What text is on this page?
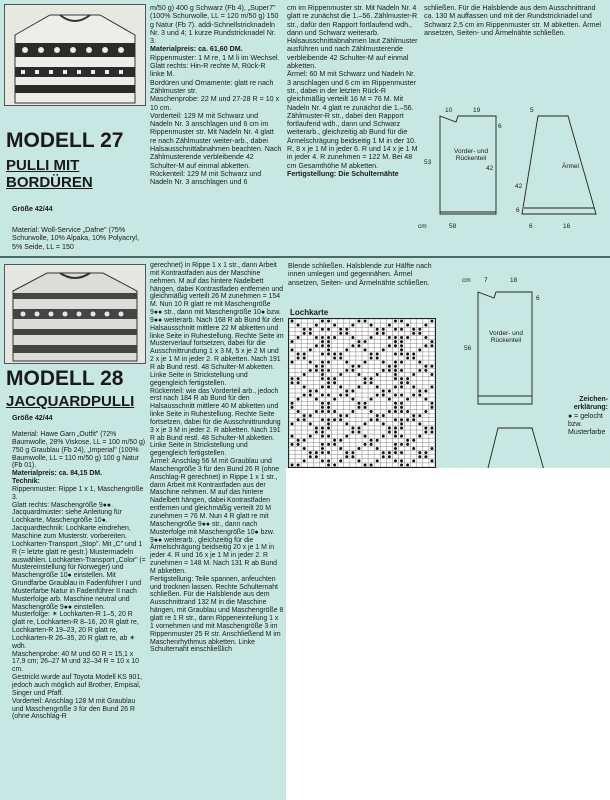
MODELL 27
PULLI MIT
BORDÜREN
Größe 42/44
Material: Woll-Service „Dafne" (75% Schurwolle, 10% Alpaka, 10% Polyacryl, 5% Seide, LL = 150

m/50 g) 400 g Schwarz (Fb 4), „Super7" (100% Schurwolle, LL = 120 m/50 g) 150 g Natur (Fb 7). addi-Schnellstricknadeln Nr. 3 und 4; 1 kurze Rundstricknadel Nr. 3.

Materialpreis: ca. 61,60 DM.

Rippenmuster: 1 M re, 1 M li im Wechsel.

Glatt rechts: Hin-R rechte M, Rück-R linke M.

Bordüren und Ornamente: glatt re nach Zählmuster str.

Maschenprobe: 22 M und 27-28 R = 10 x 10 cm.

Vorderteil: 129 M mit Schwarz und Nadeln Nr. 3 anschlagen und 6 cm im Rippenmuster str. Mit Nadeln Nr. 4 glatt re nach Zählmuster weiter-arb., dabei Halsausschnittabnahmen beachten. Nach Zählmusterende verbleibende 42 Schulter-M auf einmal abketten.

Rückenteil: 129 M mit Schwarz und Nadeln Nr. 3 anschlagen und 6

cm im Rippenmuster str. Mit Nadeln Nr. 4 glatt re zunächst die 1.–56. Zählmuster-R str., dafür den Rapport fortlaufend wdh., dann und Schwarz weiterarb. Halsausschnittabnahmen laut Zählmuster ausführen und nach Zählmusterende verbleibende 42 Schulter-M auf einmal abketten.

Ärmel: 60 M mit Schwarz und Nadeln Nr. 3 anschlagen und 6 cm im Rippenmuster str., dabei in der letzten Rück-R gleichmäßig verteilt 16 M = 76 M. Mit Nadeln Nr. 4 glatt re zunächst die 1.–56. Zählmuster-R str., dabei den Rapport fortlaufend wdh., dann und Schwarz weiterarb., gleichzeitig ab Bund für die Ärmelschrägung beidseitig 1 M in der 10. R, 8 x je 1 M in jeder 6. R und 14 x je 1 M in jeder 4. R zunehmen = 122 M. Bei 48 cm Gesamthöhe M abketten.

Fertigstellung: Die Schulternähte

schließen. Für die Halsblende aus dem Ausschnittrand ca. 130 M auffassen und mit der Rundstricknadel und Schwarz 2,5 cm im Rippenmuster str. M abketten. Ärmel ansetzen, Seiten- und Ärmelnähte schließen.

10	19
53
6
42
58
cm	6	16
5
42
6
Ärmel
Vorder- und Rückenteil
MODELL 28
JACQUARDPULLI
Größe 42/44

Material: Hawe Garn „Outfit" (72% Baumwolle, 28% Viskose, LL = 100 m/50 g) 750 g Graublau (Fb 24), „Imperial" (100% Baumwolle, LL = 110 m/50 g) 100 g Natur (Fb 01).

Materialpreis: ca. 84,15 DM.

Technik:

Rippenmuster: Rippe 1 x 1, Maschengröße 3.

Glatt rechts: Maschengröße 9●●.

Jacquardmuster: siehe Anleitung für Lochkarte, Maschengröße 10●.

Jacquardtechnik: Lochkarte eindrehen, Maschine zum Musterstr. vorbereiten. Lochkarten-Transport „Stop". Mit „C" und 1 R (= letzte glatt re gestr.) Mustermadeln auswählen. Lochkarten-Transport „Color" (= Mustereinstellung für Norweger) und Maschengröße 10● einstellen. Mit Grundfarbe Graublau in Fadenführer I und Musterfarbe Natur in Fadenführer II nach Musterfolge arb. Maschine neutral und Maschengröße 9●● einstellen.

Musterfolge: ✶ Lochkarten-R 1–5, 20 R glatt re, Lochkarten-R 8–16, 20 R glatt re, Lochkarten-R 19–23, 20 R glatt re, Lochkarten-R 26–35, 20 R glatt re, ab ✶ wdh.

Maschenprobe: 40 M und 60 R = 15,1 x 17,9 cm; 26–27 M und 32–34 R = 10 x 10 cm.

Gestrickt wurde auf Toyota Modell KS 901, jedoch auch möglich auf Brother, Empisal, Singer und Pfaff.

Vorderteil: Anschlag 128 M mit Graublau und Maschengröße 3 für den Bund 26 R (ohne Anschlag-R

gerechnet) in Rippe 1 x 1 str., dann Arbeit mit Kontrastfaden aus der Maschine nehmen. M auf das hintere Nadelbett hängen, dabei Kontrastfaden entfernen und gleichmäßig verteilt 26 M zunehmen = 154 M. Nun 10 R glatt re mit Maschengröße 9●● str., dann mit Maschengröße 10● bzw. 9●● weiterarb. Nach 168 R ab Bund für den Halsausschnitt mittlere 22 M abketten und linke Seite in Ruhestellung. Rechte Seite im Musterverlauf fortsetzen, dabei für die Ausschnittrundung 1 x 3 M, 5 x je 2 M und 2 x je 1 M in jeder 2. R abketten. Nach 191 R ab Bund restl. 48 Schulter-M abketten. Linke Seite in Strickstellung und gegengleich fertigstellen.

Rückenteil: wie das Vorderteil arb., jedoch erst nach 184 R ab Bund für den Halsausschnitt mittlere 40 M abketten und linke Seite in Ruhestellung. Rechte Seite fortsetzen, dabei für die Ausschnittrundung 3 x je 3 M in jeder 2. R abketten. Nach 191 R ab Bund restl. 48 Schulter-M abketten. Linke Seite in Strickstellung und gegengleich fertigstellen.

Ärmel: Anschlag 56 M mit Graublau und Maschengröße 3 für den Bund 26 R (ohne Anschlag-R gerechnet) in Rippe 1 x 1 str., dann Arbeit mit Kontrastfaden aus der Maschine nehmen. M auf das hintere Nadelbett hängen, dabei Kontrastfaden entfernen und gleichmäßig verteilt 20 M zunehmen = 76 M. Nun 4 R glatt re mit Maschengröße 9●● str., dann nach Musterfolge mit Maschengröße 10● bzw. 9●● weiterarb., gleichzeitig für die Ärmelschrägung beidseitig 20 x je 1 M in jeder 4. R und 16 x je 1 M in jeder 2. R zunehmen = 148 M. Nach 131 R ab Bund M abketten.

Fertigstellung: Teile spannen, anfeuchten und trocknen lassen. Rechte Schulternaht schließen. Für die Halsblende aus dem Ausschnittrand 132 M in die Maschine hängen, mit Graublau und Maschengröße 8 glatt re 1 R str., dann Rippeneinteilung 1 x 1 vornehmen und mit Maschengröße 3 im Rippenmuster 25 R str. Anschließend M im Maschenrhythmus abketten. Linke Schulternaht einschließlich

Blende schließen. Halsblende zur Hälfte nach innen umlegen und gegennähen. Ärmel ansetzen, Seiten- und Ärmelnähte schließen.

Lochkarte
7	18
56
6
cm
Vorder- und Rückenteil
Zeichen-erklärung:
● = gelocht bzw. Musterfarbe
